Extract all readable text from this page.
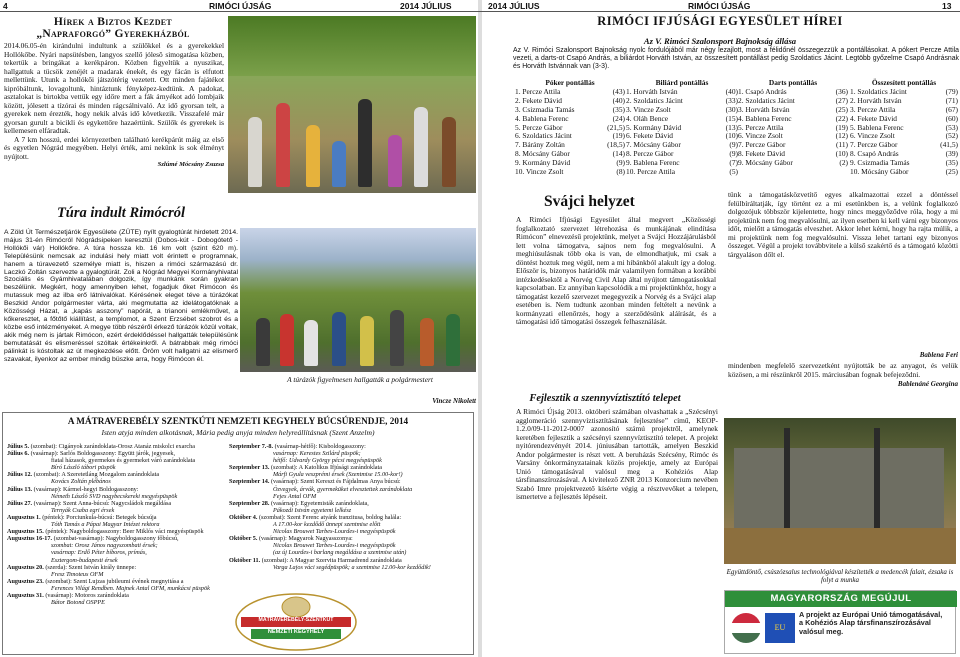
4	RIMÓCI ÚJSÁG	2014 JÚLIUS
Hírek a Biztos Kezdet
„Napraforgó” Gyerekházból
2014.06.05-én kirándulni indultunk a szülőkkel és a gyerekekkel Hollókőbe. Nyári napsütésben, langyos szellő jólesõ simogatása közben, tekertük a bringákat a kerékpáron. Közben figyeltük a nyuszikat, hallgattuk a tücsök zenéjét a madarak énekét, és egy fácán is elfutott mellettünk. Utunk a hollókői játszótérig vezetett. Ott minden fajátékot kipróbáltunk, lovagoltunk, hintáztunk fényképez-kedtünk. A padokat, asztalokat is birtokba vettük egy időre mert a fák árnyékot adó lombjaik között, jólesett a tízórai és minden rágcsálnivaló. Az idő gyorsan telt, a gyerekek nem érezték, hogy nekik alvás idő következik. Visszafelé már gyorsan gurult a bicikli és egykettőre hazaértünk. Szülők és gyerekek is kellemesen elfáradtak.
A 7 km hosszú, erdei környezetben található kerékpárút máig az első és egyetlen Nógrád megyében. Helyi érték, ami nekünk is sok élményt nyújtott.
Szlúmé Mócsány Zsuzsa
Túra indult Rimócról
A Zöld Út Természetjárók Egyesülete (ZÜTE) nyílt gyalogtúrát hirdetett 2014. május 31-én Rimócról Nógrádsipeken keresztül (Dobos-kút - Dobogótető - Hollókői vár) Hollókőre. A túra hossza kb. 16 km volt (szint 620 m). Településünk nemcsak az indulási hely miatt volt érintett e programnak, hanem a túravezető személye miatt is, hiszen a rimóci származású dr. Laczkó Zoltán szervezte a gyalogtúrát. Zoli a Nógrád Megyei Kormányhivatal Szociális és Gyámhivatalában dolgozik, így munkánk során gyakran beszélünk. Megkért, hogy amennyiben lehet, fogadjuk őket Rimócon és mutassuk meg az ilba erő látnivalókat. Kérésének eleget téve a túrázókat Beszkid Andor polgármester várta, aki megmutatta az idelátogatóknak a Közösségi Házat, a „kapás asszony” napórát, a trianoni emlékművet, a kőkeresztet, a főtőtő kiállítást, a templomot, a Szent Erzsébet szobrot és a közbe eső intézményeket. A megye több részéről érkező túrázók közül voltak, akik még nem is jártak Rimócon, ezért érdeklődéssel hallgatták településünk bemutatását és elismeréssel szóltak értékeinkről. A bátrabbak még rimóci pálinkát is kóstoltak az út megkezdése előtt. Öröm volt hallgatni az elismerő szavakat, ilyenkor az ember mindig büszke arra, hogy Rimócon él.
Vincze Nikolett
A túrázók figyelmesen hallgatták a polgármestert
A MÁTRAVEREBÉLY SZENTKÚTI NEMZETI KEGYHELY BÚCSÚRENDJE, 2014
Isten atyja minden alkotásnak, Mária pedig anyja minden helyreállításnak (Szent Anzelm)
Július 5. (szombat): Cigányok zarándoklata-Orosz Atanáz miskolci exarcha
Július 6. (vasárnap): Sarlós Boldogasszony: Együtt járók, jegyesek,
fiatal házasok, gyermekes és gyermeket váró zarándoklata
Bíró László tábori püspök
Július 12. (szombat): A Szeretetláng Mozgalom zarándoklata
Kovács Zoltán plébános
Július 13. (vasárnap): Kármel-hegyi Boldogasszony:
Németh László SVD nagybecskereki megyéspüspök
Július 27. (vasárnap): Szent Anna-búcsú: Nagycsládok megáldása
Ternyák Csaba egri érsek
Augusztus 1. (péntek): Porciunkula-búcsú: Betegek búcsúja
Tóth Tamás a Pápai Magyar Intézet rektora
Augusztus 15. (péntek): Nagyboldogasszony: Beer Miklós váci megyéspüspök
Augusztus 16-17. (szombat-vasárnap): Nagyboldogasszony főbúcsú,
szombat: Orosz János nagyszombati érsek;
vasárnap: Erdő Péter bíboros, prímás,
Esztergom-budapesti érsek
Augusztus 20. (szerda): Szent István király ünnepe:
Fresz Timoteus OFM
Augusztus 23. (szombat): Szent Lujzas jubileumi évének megnyitása a
Ferences Világi Rendben. Majnek Antal OFM, munkácsi püspök
Augusztus 31. (vasárnap): Motoros zarándoklata
Bátor Botond OSPPE
Szeptember 7.-8. (vasárnap-hétfő): Kisboldogasszony:
vasárnap: Kerestes Szilárd püspök;
hétfő: Udvardy György pécsi megyéspüspök
Szeptember 13. (szombat): A Katolikus Ifjúsági zarándoklata
Márfi Gyula veszprémi érsek (Szentmise 15.00-kor!)
Szeptember 14. (vasárnap): Szent Kereszt és Fájdalmas Anya búcsú:
Özvegyek, árvák, gyermeküket elvesztettek zarándoklata
Fejes Antal OFM
Szeptember 28. (vasárnap): Egyetemisták zarándoklata,
Pákozdi István egyetemi lelkész
Október 4. (szombat): Szent Ferenc atyánk tranzitusa, boldog halála:
A 17.00-kor kezdődő ünnepi szentmise előtt
Nicolas Brouwet Tarbes-Lourdes-i megyéspüspök
Október 5. (vasárnap): Magyarok Nagyasszonya:
Nicolas Brouwet Tarbes-Lourdes-i megyéspüspök
(az új Lourdes-i barlang megáldása a szentmise után)
Október 11. (szombat): A Magyar Szervita Harmadrend zarándoklata
Varga Lajos váci segédpüspök; a szentmise 12.00-kor kezdődik!
MÁTRAVEREBÉLY-SZENTKÚT
NEMZETI KEGYHELY
2014 JÚLIUS	RIMÓCI ÚJSÁG	13
RIMÓCI IFJÚSÁGI EGYESÜLET HÍREI
Az V. Rimóci Szalonsport Bajnokság állása
Az V. Rimóci Szalonsport Bajnokság nyolc fordulójából már négy lezajlott, most a félidőnél összegezzük a pontállásokat. A pókert Percze Attila vezeti, a darts-ot Csapó András, a biliárdot Horváth István, az összesített pontállást pedig Szoldatics Jácint. Legtöbb győzelme Csapó Andrásnak és Horváth Istvánnak van (3-3).
Póker pontállás	
1. Percze Attila	(43)
2. Fekete Dávid	(40)
3. Csizmadia Tamás	(35)
4. Bablena Ferenc	(24)
5. Percze Gábor	(21,5)
6. Szoldatics Jácint	(19)
7. Bárány Zoltán	(18,5)
8. Mócsány Gábor	(14)
9. Kormány Dávid	(9)
10. Vincze Zsolt	(8)
Biliárd pontállás	
1. Horváth István	(40)
2. Szoldatics Jácint	(33)
3. Vincze Zsolt	(30)
4. Oláh Bence	(15)
5. Kormány Dávid	(13)
6. Fekete Dávid	(10)
7. Mócsány Gábor	(9)
8. Percze Gábor	(9)
9. Bablena Ferenc	(7)
10. Percze Attila	(5)
Darts pontállás	
1. Csapó András	(36)
2. Szoldatics Jácint	(27)
3. Horváth István	(25)
4. Bablena Ferenc	(22)
5. Percze Attila	(19)
6. Vincze Zsolt	(12)
7. Percze Gábor	(11)
8. Fekete Dávid	(10)
9. Mócsány Gábor	(2)
Összesített pontállás	
1. Szoldatics Jácint	(79)
2. Horváth István	(71)
3. Percze Attila	(67)
4. Fekete Dávid	(60)
5. Bablena Ferenc	(53)
6. Vincze Zsolt	(52)
7. Percze Gábor	(41,5)
8. Csapó András	(39)
9. Csizmadia Tamás	(35)
10. Mócsány Gábor	(25)
Svájci helyzet
A Rimóci Ifjúsági Egyesület által megvert „Közösségi foglalkoztató szervezet létrehozása és munkájának elindítása Rimócon” elnevezésű projektünk, melyet a Svájci Hozzájárulásból lett volna támogatva, sajnos nem fog megvalósulni. A meghiúsulásnak több oka is van, de elmondhatjuk, mi csak a döntést hoztuk meg végül, nem a mi hibánkból alakult így a dolog. Először is, bizonyos határidők már valamilyen formában a korábbi intézkedésektől a Norvég Civil Alap által nyújtott támogatásokkal kapcsolatban. Ez annyiban kapcsolódik a mi projektünkhöz, hogy a támogatást kezelő szervezet megegyezik a Norvég és a Svájci alap esetében is. Nem tudtunk azonban minden feltételt a nevünk a kormányzati ellenőrzés, hogy a szerződésünk aláírását, és a támogatási idő támogatási összegek felhasználását.
tünk a támogatásközvetítő egyes alkalmazottai ezzel a döntéssel felülbíráltatják, így történt ez a mi esetünkben is, a velünk foglalkozó dolgozójuk többször kijelentette, hogy nincs meggyőződve róla, hogy a mi projektünk nem fog megvalósulni, az ilyen esetben ki kell várni egy bizonyos időt, mielőtt a támogatás elveszhet. Akkor lehet kérni, hogy ha rajta múlik, a mi projektünk nem fog megvalósulni. Vissza lehet tartani egy bizonyos összeget. Végül a projekt továbbvitele a külső szakértő és a támogató közötti tárgyaláson dőlt el.
Bablena Feri
mindenben megfelelő szervezetként nyújtották be az anyagot, és velük közösen, a mi részünkről 2015. márciusában fognak befejeződni.
Bablenáné Georgina
Fejlesztik a szennyvíztisztító telepet
A Rimóci Újság 2013. októberi számában olvashattak a „Szécsényi agglomeráció szennyvíztisztításának fejlesztése” című, KEOP-1.2.0/09-11-2012-0007 azonosító számú projektről, amelynek keretében fejlesztik a szécsényi szennyvíztisztító telepet. A projekt nyitórendezvényét 2014. júniusában tartották, amelyen Beszkid Andor polgármester is részt vett. A beruházás Szécsény, Rimóc és Varsány önkormányzatainak közös projektje, amely az Európai Unió támogatásával valósul meg a Kohéziós Alap társfinanszírozásával. A kivitelező ZNR 2013 Konzorcium nevében Szabó Imre projektvezető kísérte végig a résztvevőket a telepen, ismertetve a fejlesztés lépéseit.
Együttdöntő, csúszózsalus technológiával készítették a medencék falait, ézsaka is folyt a munka
MAGYARORSZÁG MEGÚJUL
EU
A projekt az Európai Unió támogatásával,
a Kohéziós Alap társfinanszírozásával
valósul meg.
